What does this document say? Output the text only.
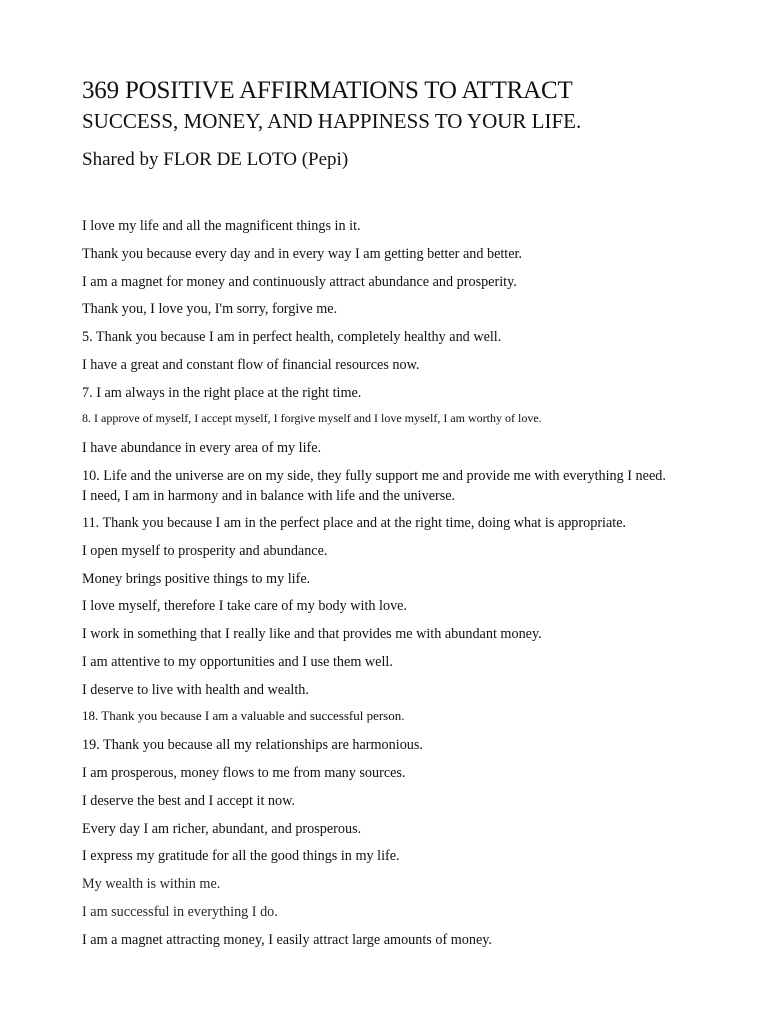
369 POSITIVE AFFIRMATIONS TO ATTRACT
SUCCESS, MONEY, AND HAPPINESS TO YOUR LIFE.
Shared by FLOR DE LOTO (Pepi)
I love my life and all the magnificent things in it.
Thank you because every day and in every way I am getting better and better.
I am a magnet for money and continuously attract abundance and prosperity.
Thank you, I love you, I'm sorry, forgive me.
5. Thank you because I am in perfect health, completely healthy and well.
I have a great and constant flow of financial resources now.
7. I am always in the right place at the right time.
8. I approve of myself, I accept myself, I forgive myself and I love myself, I am worthy of love.
I have abundance in every area of my life.
10. Life and the universe are on my side, they fully support me and provide me with everything I need.
I need, I am in harmony and in balance with life and the universe.
11. Thank you because I am in the perfect place and at the right time, doing what is appropriate.
I open myself to prosperity and abundance.
Money brings positive things to my life.
I love myself, therefore I take care of my body with love.
I work in something that I really like and that provides me with abundant money.
I am attentive to my opportunities and I use them well.
I deserve to live with health and wealth.
18. Thank you because I am a valuable and successful person.
19. Thank you because all my relationships are harmonious.
I am prosperous, money flows to me from many sources.
I deserve the best and I accept it now.
Every day I am richer, abundant, and prosperous.
I express my gratitude for all the good things in my life.
My wealth is within me.
I am successful in everything I do.
I am a magnet attracting money, I easily attract large amounts of money.
